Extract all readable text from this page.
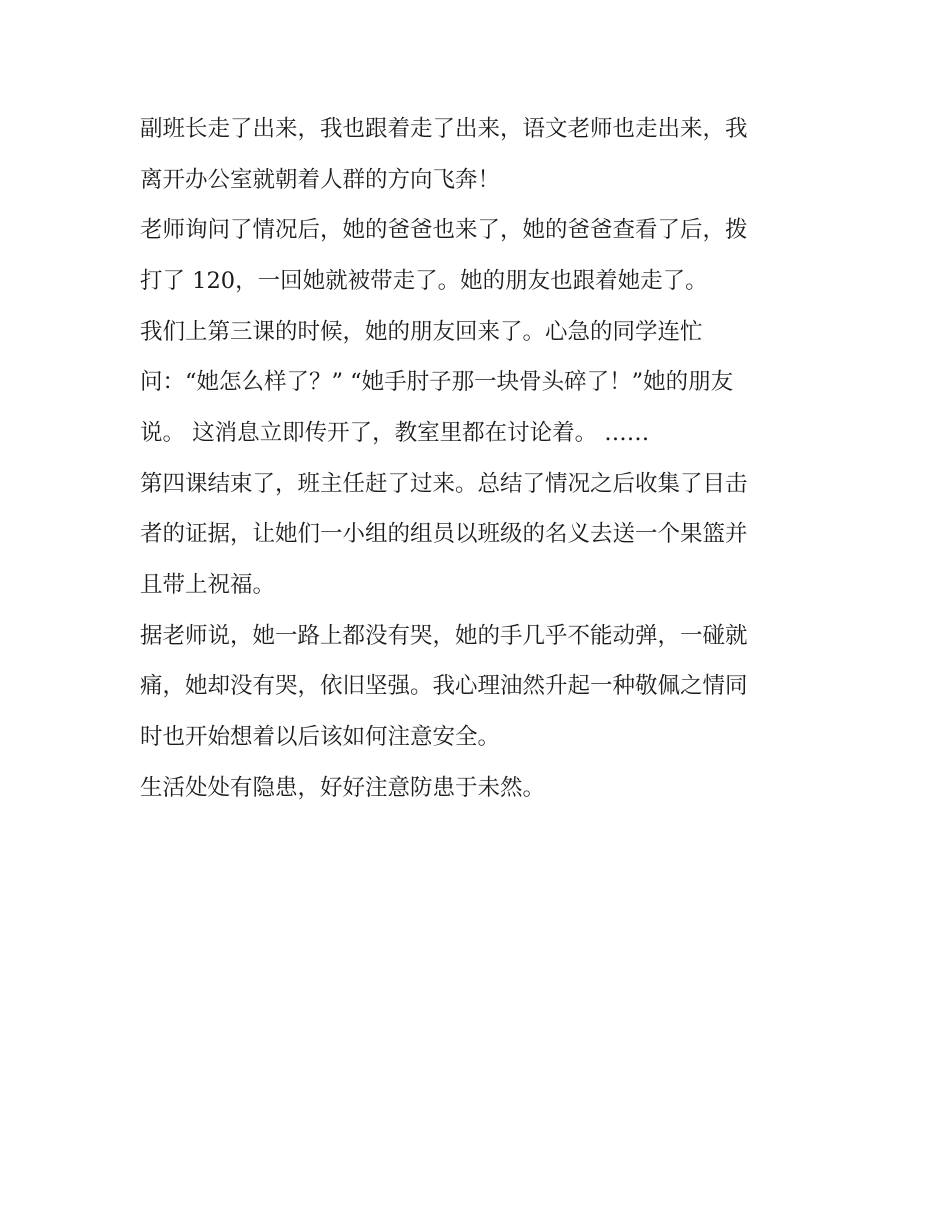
副班长走了出来，我也跟着走了出来，语文老师也走出来，我
离开办公室就朝着人群的方向飞奔！
老师询问了情况后，她的爸爸也来了，她的爸爸查看了后，拨
打了 120，一回她就被带走了。她的朋友也跟着她走了。
我们上第三课的时候，她的朋友回来了。心急的同学连忙
问：“她怎么样了？” “她手肘子那一块骨头碎了！”她的朋友
说。 这消息立即传开了，教室里都在讨论着。 ……
第四课结束了，班主任赶了过来。总结了情况之后收集了目击
者的证据，让她们一小组的组员以班级的名义去送一个果篮并
且带上祝福。
据老师说，她一路上都没有哭，她的手几乎不能动弹，一碰就
痛，她却没有哭，依旧坚强。我心理油然升起一种敬佩之情同
时也开始想着以后该如何注意安全。
生活处处有隐患，好好注意防患于未然。
